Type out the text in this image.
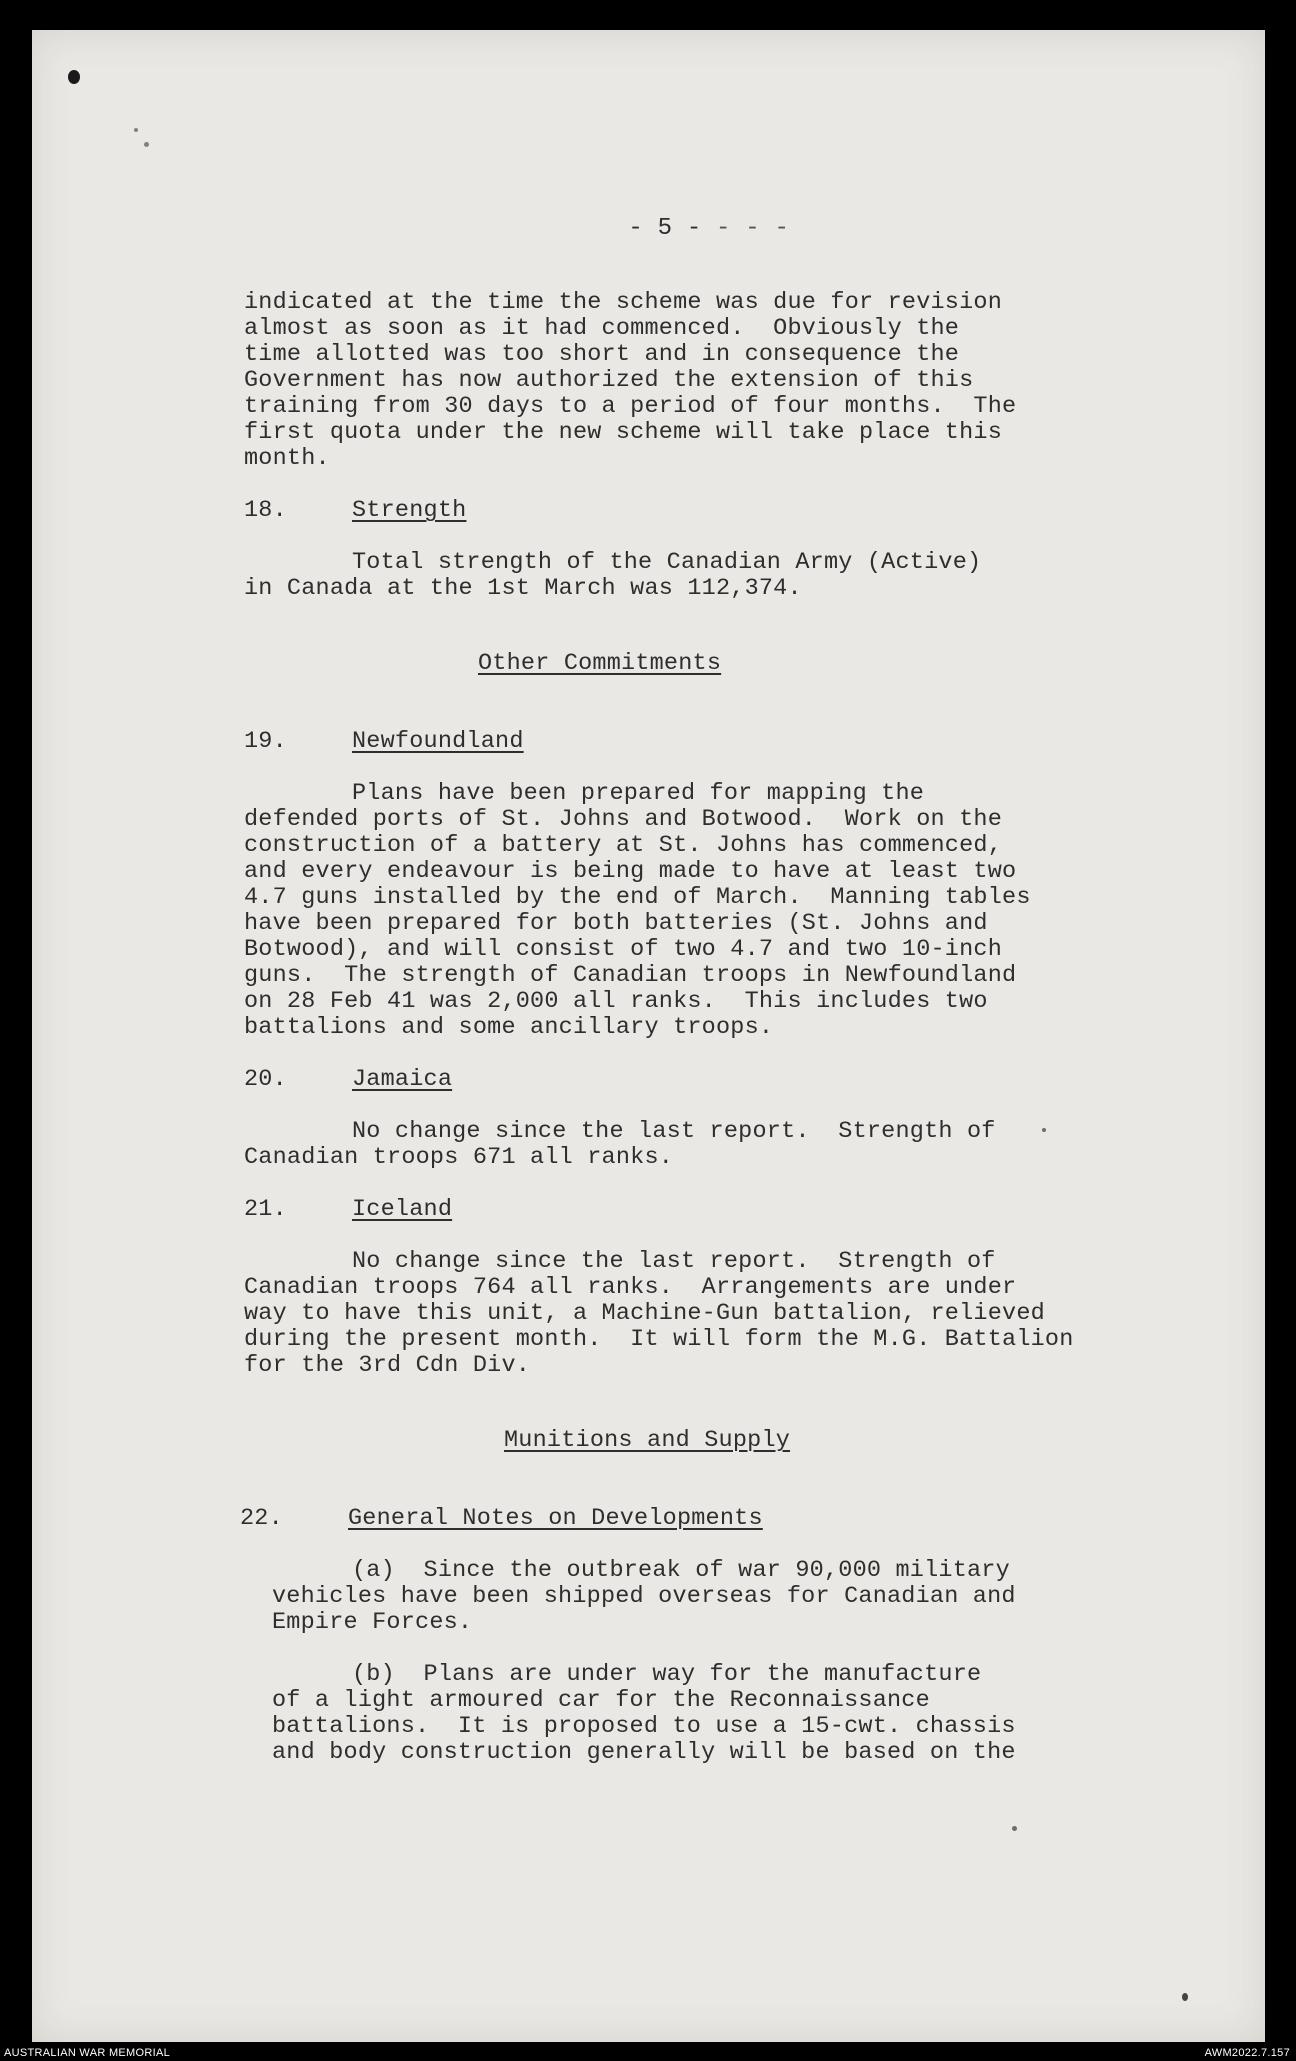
- 5 - - - -

indicated at the time the scheme was due for revision
almost as soon as it had commenced.  Obviously the
time allotted was too short and in consequence the
Government has now authorized the extension of this
training from 30 days to a period of four months.  The
first quota under the new scheme will take place this
month.
18.	Strength
Total strength of the Canadian Army (Active)
in Canada at the 1st March was 112,374.
Other Commitments
19.	Newfoundland
Plans have been prepared for mapping the
defended ports of St. Johns and Botwood.  Work on the
construction of a battery at St. Johns has commenced,
and every endeavour is being made to have at least two
4.7 guns installed by the end of March.  Manning tables
have been prepared for both batteries (St. Johns and
Botwood), and will consist of two 4.7 and two 10-inch
guns.  The strength of Canadian troops in Newfoundland
on 28 Feb 41 was 2,000 all ranks.  This includes two
battalions and some ancillary troops.
20.	Jamaica
No change since the last report.  Strength of
Canadian troops 671 all ranks.
21.	Iceland
No change since the last report.  Strength of
Canadian troops 764 all ranks.  Arrangements are under
way to have this unit, a Machine-Gun battalion, relieved
during the present month.  It will form the M.G. Battalion
for the 3rd Cdn Div.
Munitions and Supply
22.	General Notes on Developments
(a)  Since the outbreak of war 90,000 military
vehicles have been shipped overseas for Canadian and
Empire Forces.
(b)  Plans are under way for the manufacture
of a light armoured car for the Reconnaissance
battalions.  It is proposed to use a 15-cwt. chassis
and body construction generally will be based on the
AUSTRALIAN WAR MEMORIAL	AWM2022.7.157
